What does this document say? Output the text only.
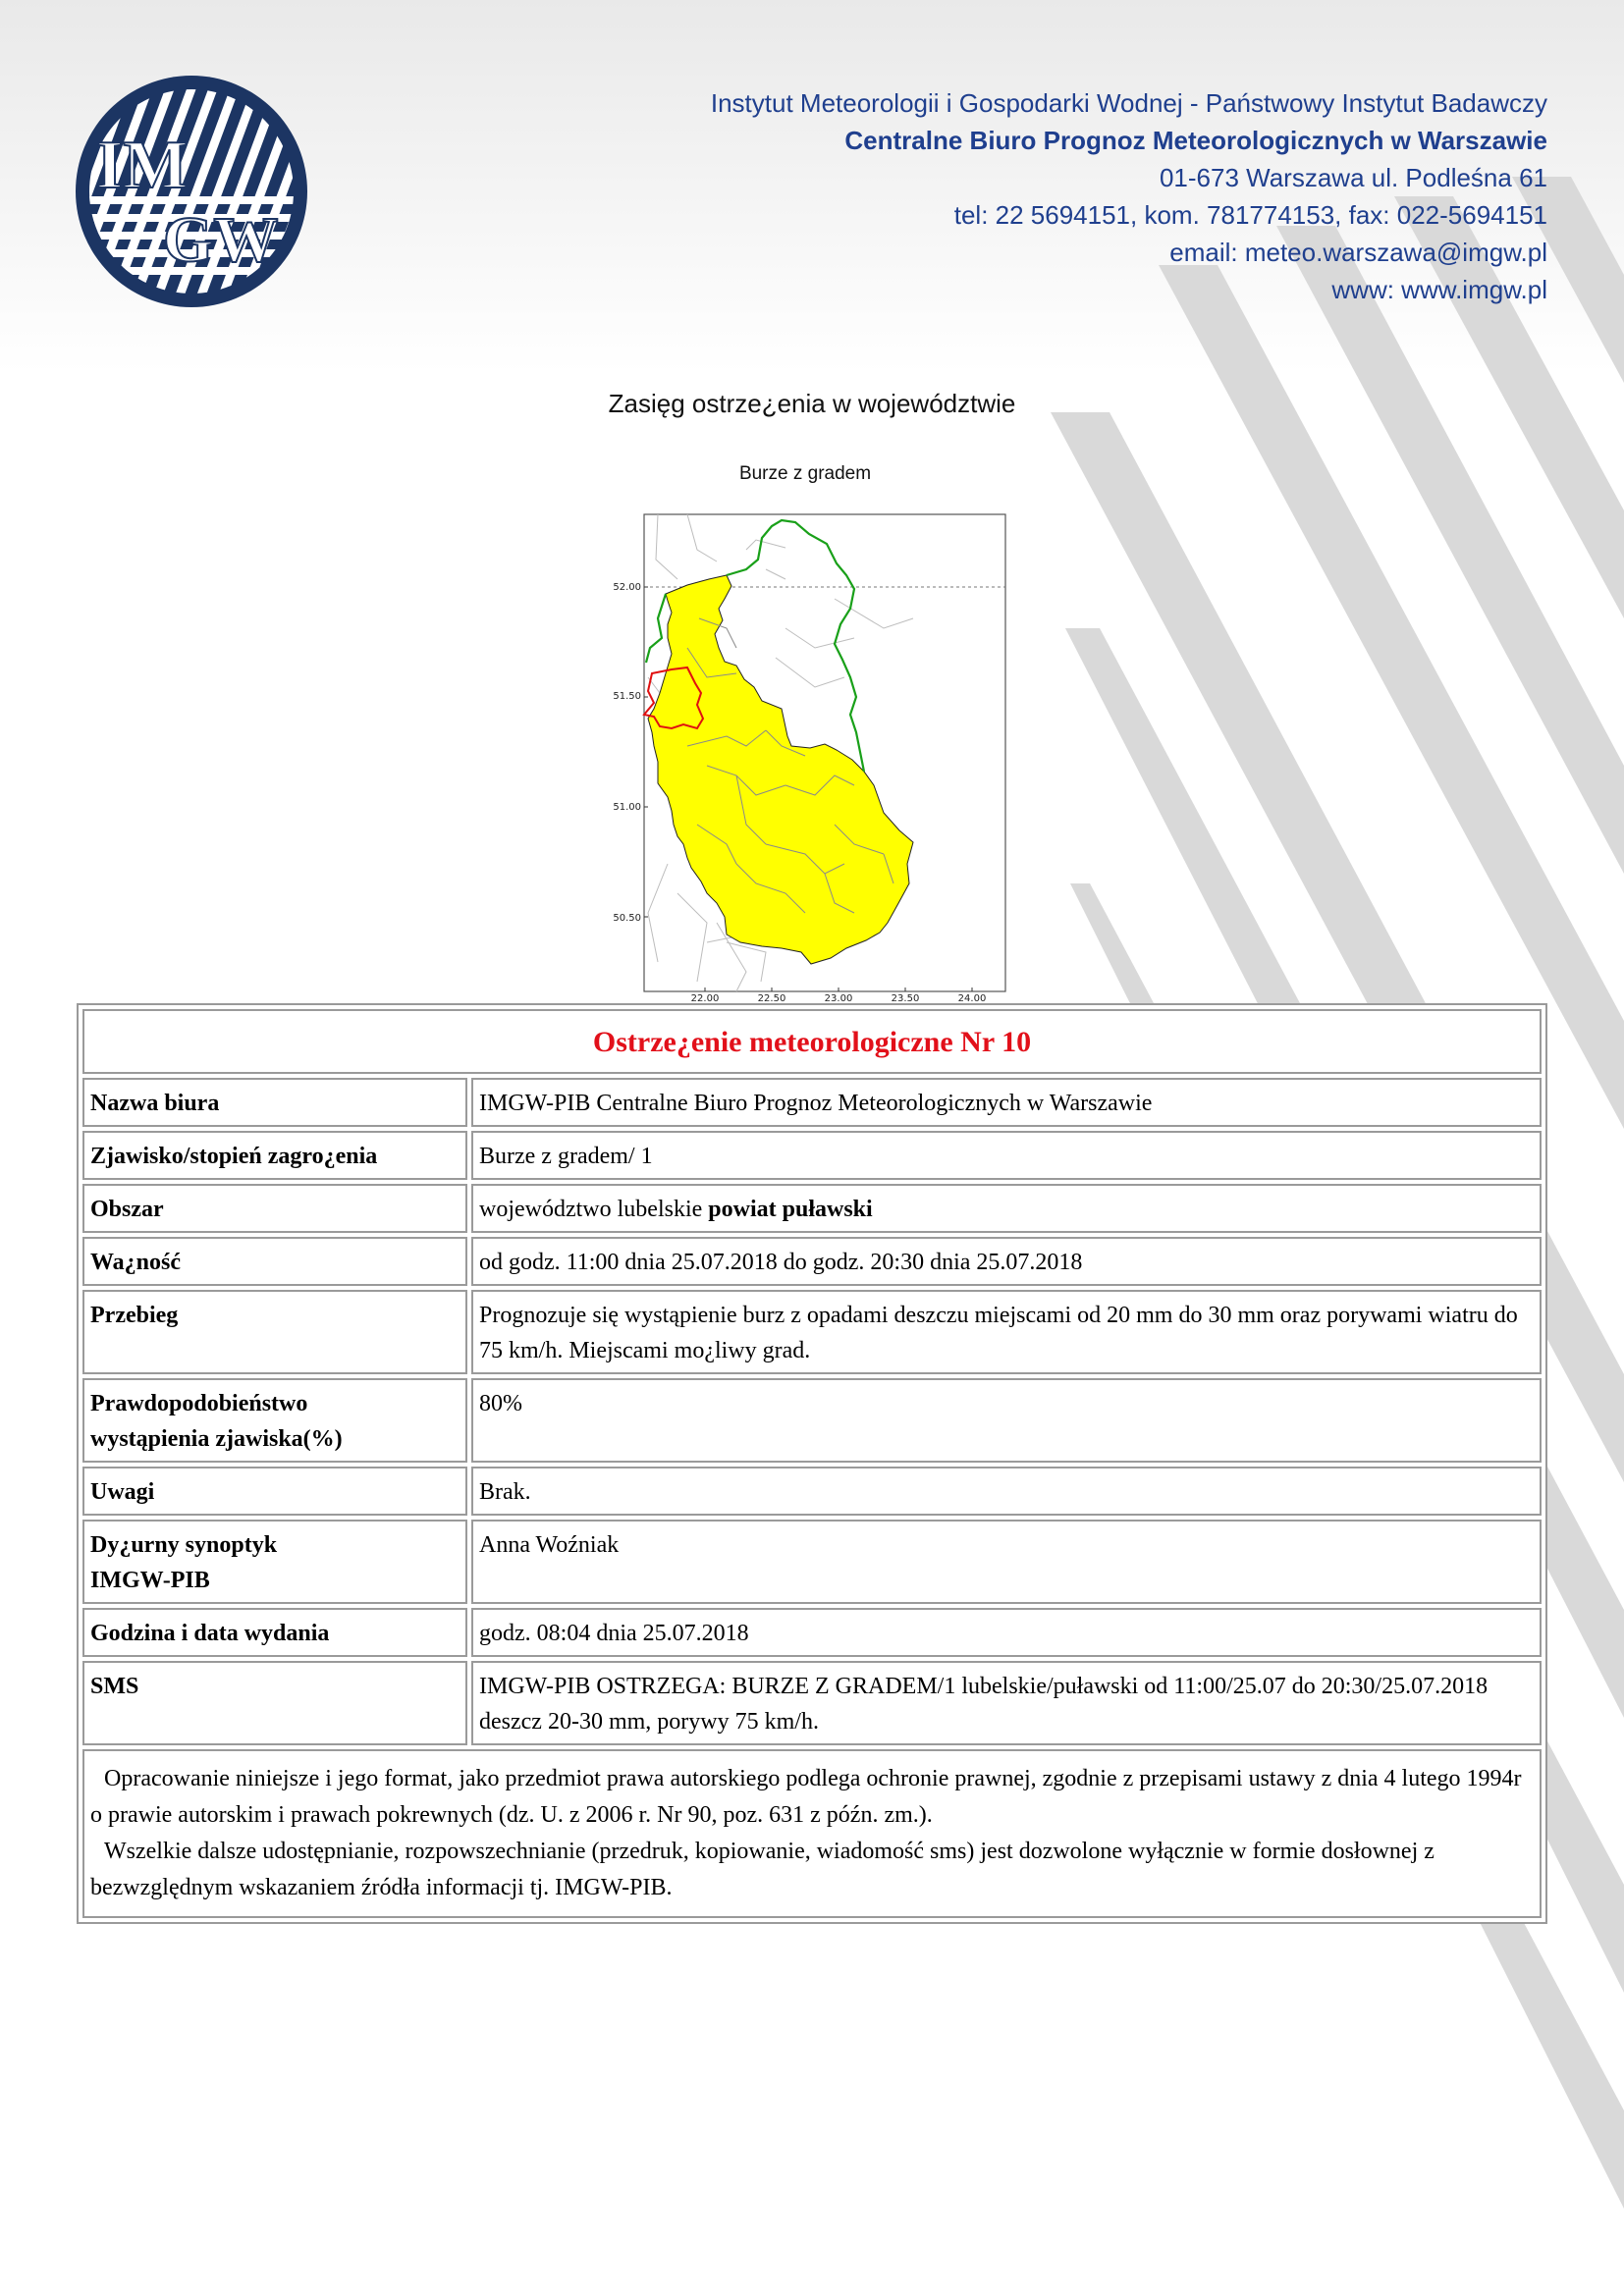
IM
GW
Instytut Meteorologii i Gospodarki Wodnej - Państwowy Instytut Badawczy
Centralne Biuro Prognoz Meteorologicznych w Warszawie
01-673 Warszawa ul. Podleśna 61
tel: 22 5694151, kom. 781774153, fax: 022-5694151
email: meteo.warszawa@imgw.pl
www: www.imgw.pl
Zasięg ostrze¿enia w województwie
Burze z gradem
52.00
51.50
51.00
50.50
22.00	22.50	23.00	23.50	24.00
Ostrze¿enie meteorologiczne Nr 10	
Nazwa biura	IMGW-PIB Centralne Biuro Prognoz Meteorologicznych w Warszawie
Zjawisko/stopień zagro¿enia	Burze z gradem/ 1
Obszar	województwo lubelskie powiat puławski
Wa¿ność	od godz. 11:00 dnia 25.07.2018 do godz. 20:30 dnia 25.07.2018
Przebieg	Prognozuje się wystąpienie burz z opadami deszczu miejscami od 20 mm do 30 mm oraz porywami wiatru do 75 km/h. Miejscami mo¿liwy grad.

Prawdopodobieństwo
wystąpienia zjawiska(%)	80%
Uwagi	Brak.

Dy¿urny synoptyk
IMGW-PIB	Anna Woźniak
Godzina i data wydania	godz. 08:04 dnia 25.07.2018
SMS	IMGW-PIB OSTRZEGA: BURZE Z GRADEM/1 lubelskie/puławski od 11:00/25.07 do 20:30/25.07.2018 deszcz 20-30 mm, porywy 75 km/h.

Opracowanie niniejsze i jego format, jako przedmiot prawa autorskiego podlega ochronie prawnej, zgodnie z przepisami ustawy z dnia 4 lutego 1994r o prawie autorskim i prawach pokrewnych (dz. U. z 2006 r. Nr 90, poz. 631 z późn. zm.).
Wszelkie dalsze udostępnianie, rozpowszechnianie (przedruk, kopiowanie, wiadomość sms) jest dozwolone wyłącznie w formie dosłownej z bezwzględnym wskazaniem źródła informacji tj. IMGW-PIB.	
